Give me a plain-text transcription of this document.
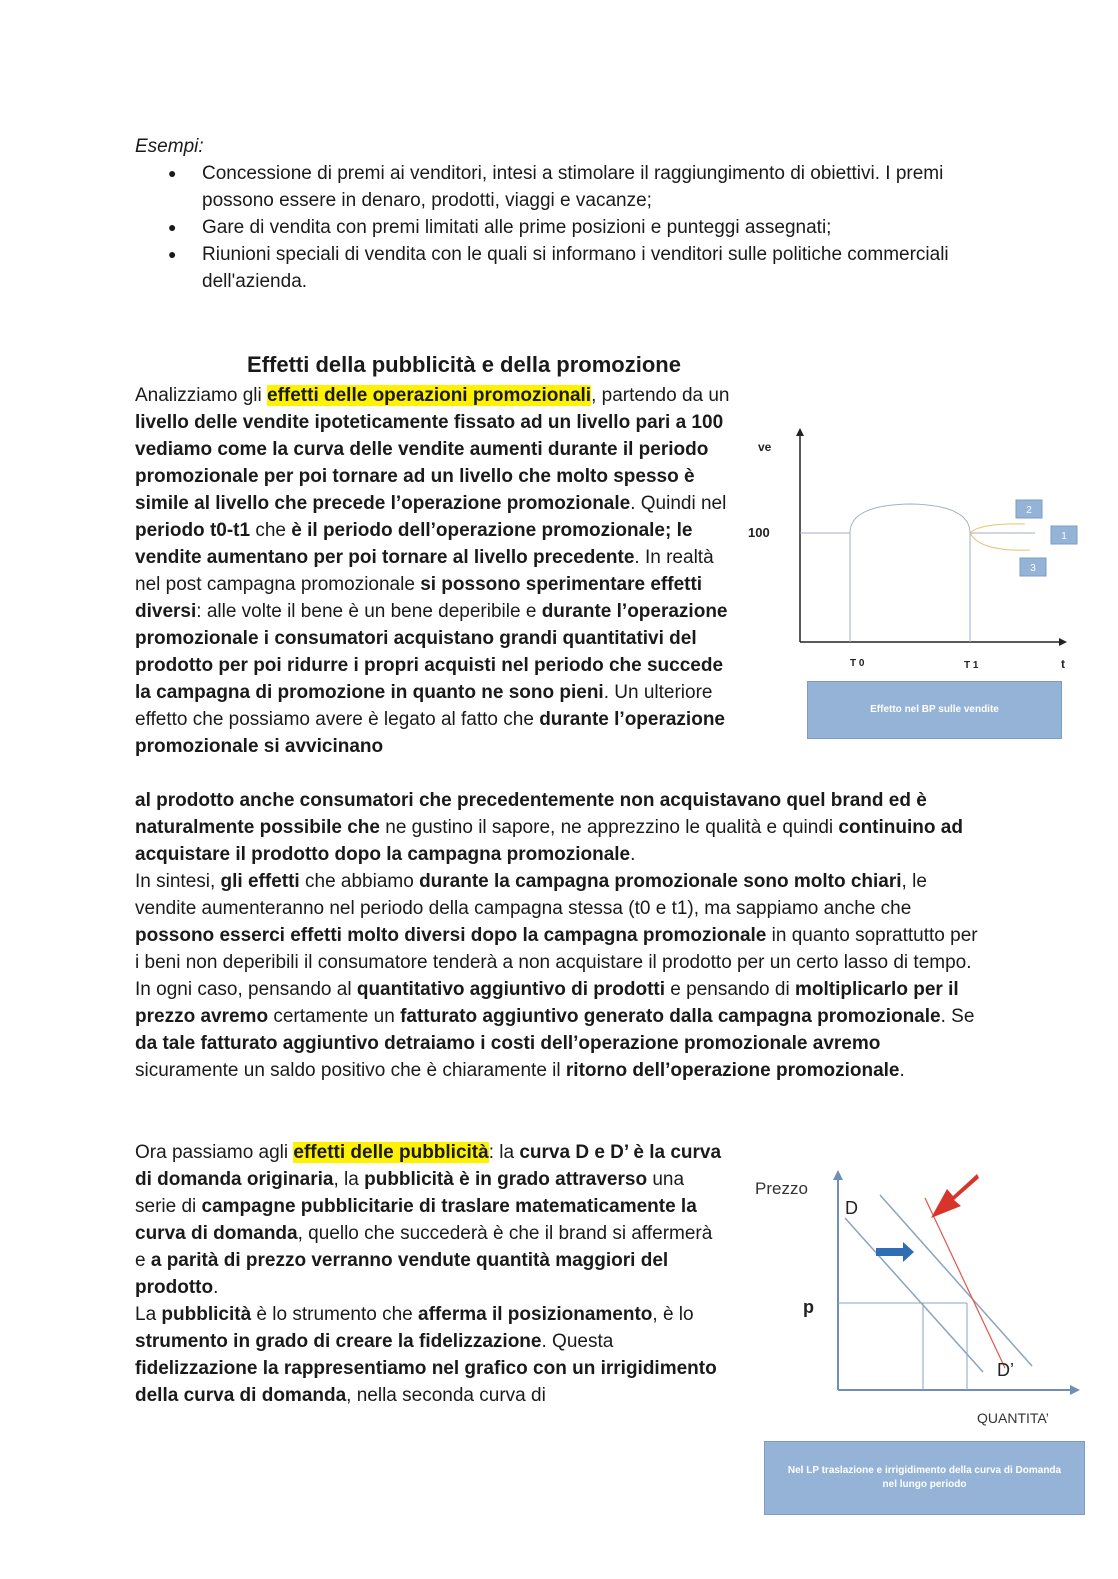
Esempi:

● Concessione di premi ai venditori, intesi a stimolare il raggiungimento di obiettivi. I premi possono essere in denaro, prodotti, viaggi e vacanze;
● Gare di vendita con premi limitati alle prime posizioni e punteggi assegnati;
● Riunioni speciali di vendita con le quali si informano i venditori sulle politiche commerciali dell'azienda.
Effetti della pubblicità e della promozione

Analizziamo gli effetti delle operazioni promozionali, partendo da un livello delle vendite ipoteticamente fissato ad un livello pari a 100 vediamo come la curva delle vendite aumenti durante il periodo promozionale per poi tornare ad un livello che molto spesso è simile al livello che precede l’operazione promozionale. Quindi nel periodo t0-t1 che è il periodo dell’operazione promozionale; le vendite aumentano per poi tornare al livello precedente. In realtà nel post campagna promozionale si possono sperimentare effetti diversi: alle volte il bene è un bene deperibile e durante l’operazione promozionale i consumatori acquistano grandi quantitativi del prodotto per poi ridurre i propri acquisti nel periodo che succede la campagna di promozione in quanto ne sono pieni. Un ulteriore effetto che possiamo avere è legato al fatto che durante l’operazione promozionale si avvicinano

al prodotto anche consumatori che precedentemente non acquistavano quel brand ed è naturalmente possibile che ne gustino il sapore, ne apprezzino le qualità e quindi continuino ad acquistare il prodotto dopo la campagna promozionale.

In sintesi, gli effetti che abbiamo durante la campagna promozionale sono molto chiari, le vendite aumenteranno nel periodo della campagna stessa (t0 e t1), ma sappiamo anche che possono esserci effetti molto diversi dopo la campagna promozionale in quanto soprattutto per i beni non deperibili il consumatore tenderà a non acquistare il prodotto per un certo lasso di tempo. In ogni caso, pensando al quantitativo aggiuntivo di prodotti e pensando di moltiplicarlo per il prezzo avremo certamente un fatturato aggiuntivo generato dalla campagna promozionale. Se da tale fatturato aggiuntivo detraiamo i costi dell’operazione promozionale avremo sicuramente un saldo positivo che è chiaramente il ritorno dell’operazione promozionale.

Ora passiamo agli effetti delle pubblicità: la curva D e D’ è la curva di domanda originaria, la pubblicità è in grado attraverso una serie di campagne pubblicitarie di traslare matematicamente la curva di domanda, quello che succederà è che il brand si affermerà e a parità di prezzo verranno vendute quantità maggiori del prodotto.

La pubblicità è lo strumento che afferma il posizionamento, è lo strumento in grado di creare la fidelizzazione. Questa fidelizzazione la rappresentiamo nel grafico con un irrigidimento della curva di domanda, nella seconda curva di

ve
100
T 0	T 1	t
2
1
3
Effetto nel BP sulle vendite
Prezzo
D
D’
p
QUANTITA’
Nel LP traslazione e irrigidimento della curva di Domanda nel lungo periodo
